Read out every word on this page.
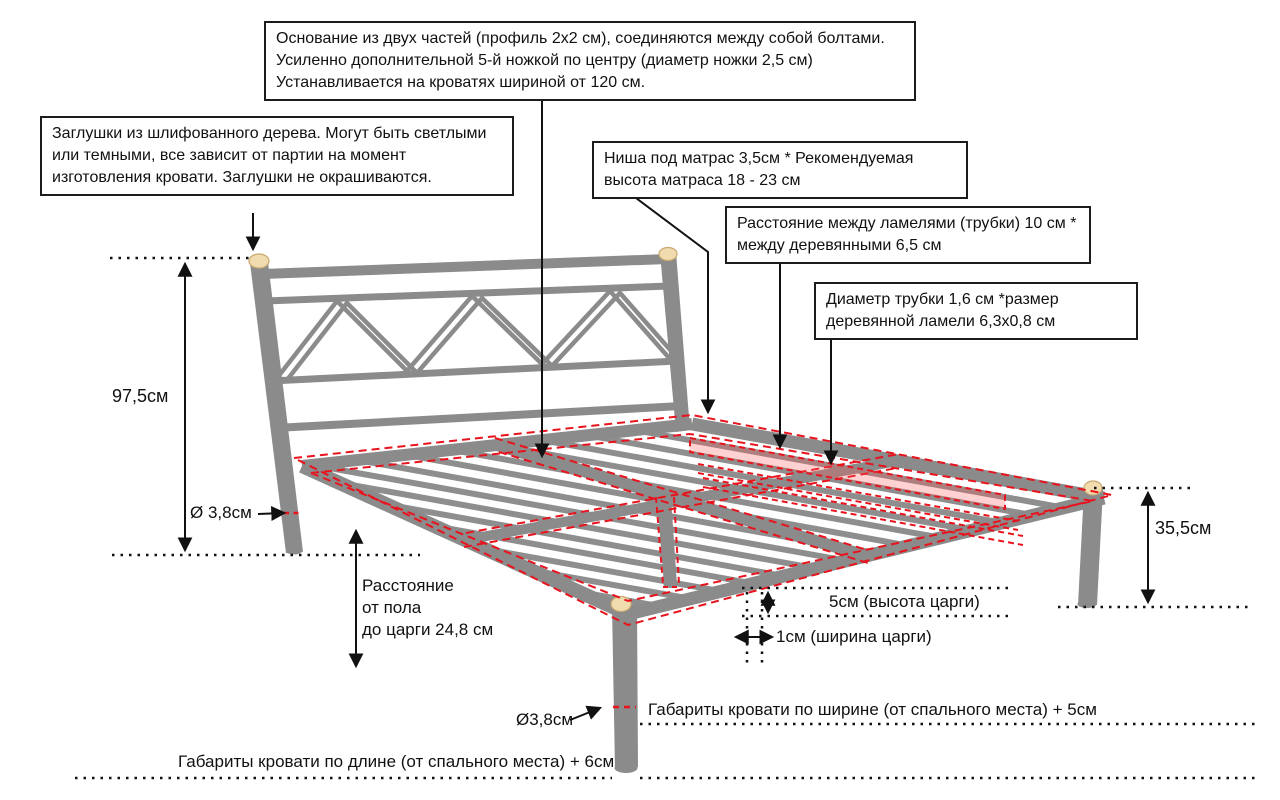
Основание из двух частей (профиль 2х2 см), соединяются между собой болтами. Усиленно дополнительной 5-й ножкой по центру (диаметр ножки 2,5 см) Устанавливается на кроватях шириной от 120 см.
Заглушки из шлифованного дерева. Могут быть светлыми или темными, все зависит от партии на момент изготовления кровати. Заглушки не окрашиваются.
Ниша под матрас 3,5см * Рекомендуемая высота матраса 18 - 23 см
Расстояние между ламелями (трубки) 10 см * между деревянными 6,5 см
Диаметр трубки 1,6 см *размер деревянной ламели 6,3х0,8 см
97,5см
Ø 3,8см
35,5см
Расстояние
от пола
до царги 24,8 см
5см (высота царги)
1см (ширина царги)
Ø3,8см
Габариты кровати по ширине (от спального места) + 5см
Габариты кровати по длине (от спального места) + 6см
